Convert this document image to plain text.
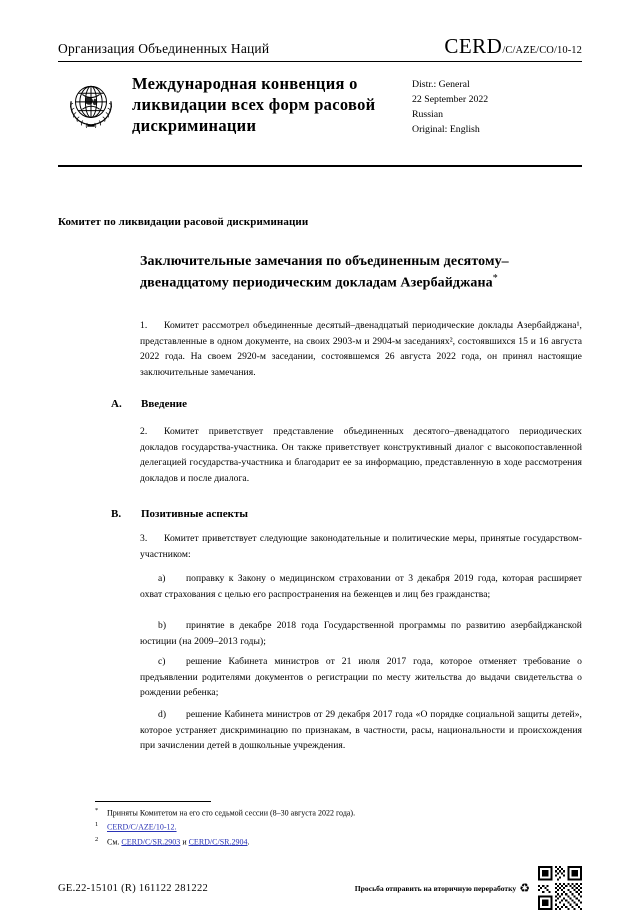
Организация Объединенных Наций	CERD/C/AZE/CO/10-12
Международная конвенция о ликвидации всех форм расовой дискриминации
Distr.: General
22 September 2022
Russian
Original: English
Комитет по ликвидации расовой дискриминации
Заключительные замечания по объединенным десятому–двенадцатому периодическим докладам Азербайджана*
1. Комитет рассмотрел объединенные десятый–двенадцатый периодические доклады Азербайджана¹, представленные в одном документе, на своих 2903-м и 2904-м заседаниях², состоявшихся 15 и 16 августа 2022 года. На своем 2920-м заседании, состоявшемся 26 августа 2022 года, он принял настоящие заключительные замечания.
A. Введение
2. Комитет приветствует представление объединенных десятого–двенадцатого периодических докладов государства-участника. Он также приветствует конструктивный диалог с высокопоставленной делегацией государства-участника и благодарит ее за информацию, представленную в ходе рассмотрения докладов и после диалога.
B. Позитивные аспекты
3. Комитет приветствует следующие законодательные и политические меры, принятые государством-участником:
a) поправку к Закону о медицинском страховании от 3 декабря 2019 года, которая расширяет охват страхования с целью его распространения на беженцев и лиц без гражданства;
b) принятие в декабре 2018 года Государственной программы по развитию азербайджанской юстиции (на 2009–2013 годы);
c) решение Кабинета министров от 21 июля 2017 года, которое отменяет требование о предъявлении родителями документов о регистрации по месту жительства до выдачи свидетельства о рождении ребенка;
d) решение Кабинета министров от 29 декабря 2017 года «О порядке социальной защиты детей», которое устраняет дискриминацию по признакам, в частности, расы, национальности и происхождения при зачислении детей в дошкольные учреждения.
* Приняты Комитетом на его сто седьмой сессии (8–30 августа 2022 года).
1 CERD/C/AZE/10-12.
2 См. CERD/C/SR.2903 и CERD/C/SR.2904.
GE.22-15101 (R) 161122 281222	Просьба отправить на вторичную переработку ♻
